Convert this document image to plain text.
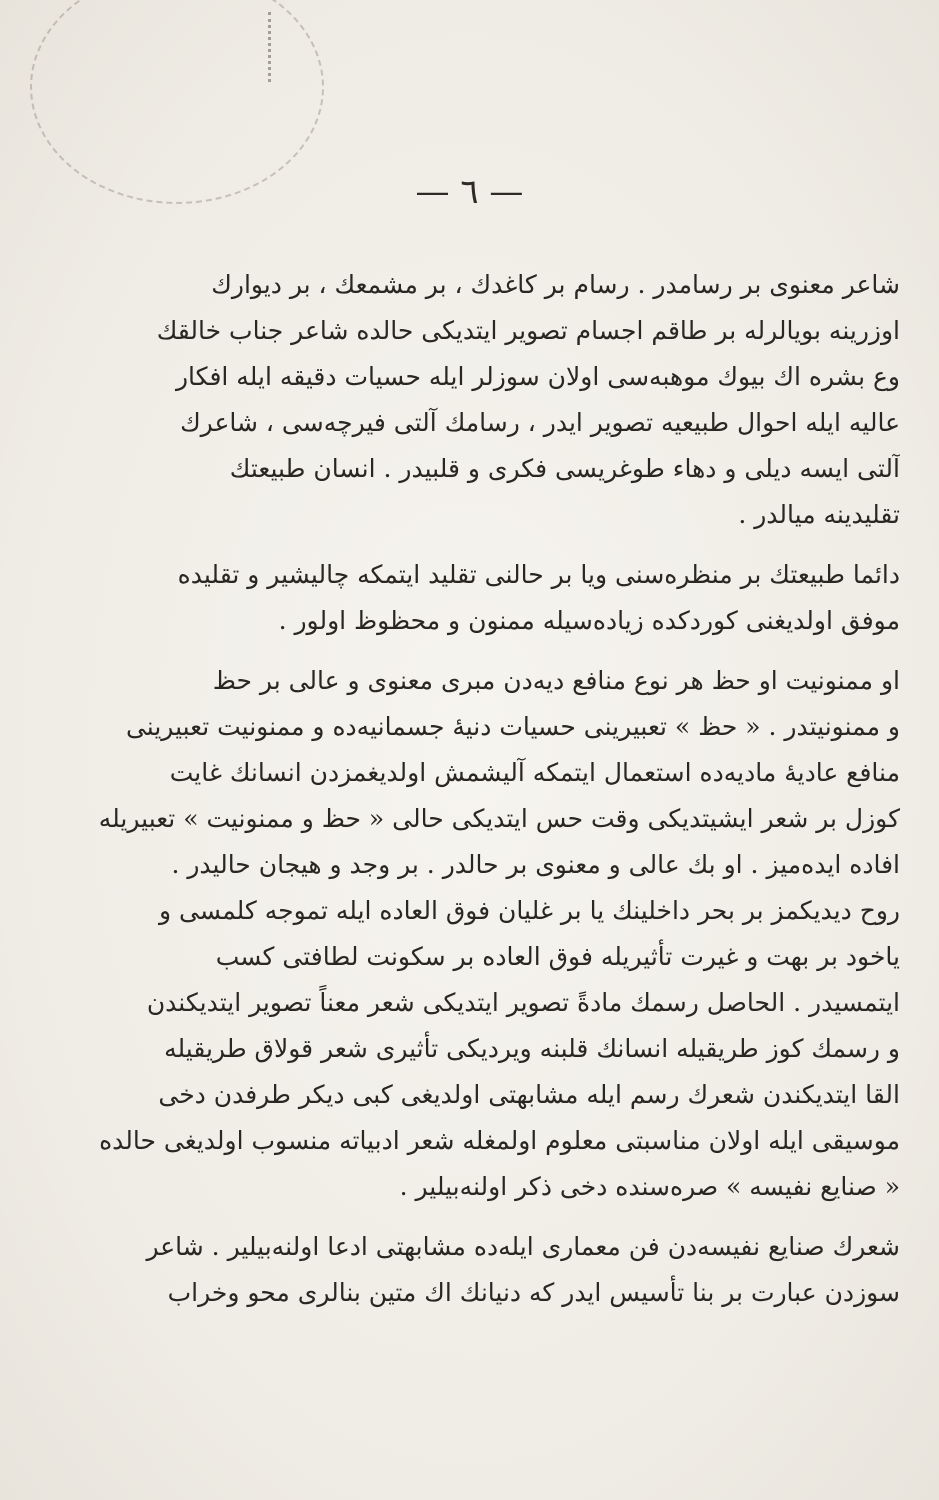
— ٦ —
شاعر معنوی بر رسامدر . رسام بر کاغدك ، بر مشمعك ، بر دیوارك
اوزرینه بویالرله بر طاقم اجسام تصویر ایتدیکی حالده شاعر جناب خالقك
وع بشره اك بیوك موهبه‌سی اولان سوزلر ایله حسیات دقیقه ایله افکار
عالیه ایله احوال طبیعیه تصویر ایدر ، رسامك آلتی فیرچه‌سی ، شاعرك
آلتی ایسه دیلی و دهاء طوغریسی فکری و قلبیدر . انسان طبیعتك
تقلیدینه میالدر .
دائما طبیعتك بر منظره‌سنی ویا بر حالنی تقلید ایتمکه چالیشیر و تقلیده
موفق اولدیغنی کوردکده زیاده‌سیله ممنون و محظوظ اولور .
او ممنونیت او حظ هر نوع منافع دیه‌دن مبری معنوی و عالی بر حظ
و ممنونیتدر . « حظ » تعبیرینی حسیات دنیهٔ جسمانیه‌ده و ممنونیت تعبیرینی
منافع عادیهٔ مادیه‌ده استعمال ایتمکه آلیشمش اولدیغمزدن انسانك غایت
کوزل بر شعر ایشیتدیکی وقت حس ایتدیکی حالی « حظ و ممنونیت » تعبیریله
افاده ایده‌میز . او بك عالی و معنوی بر حالدر . بر وجد و هیجان حالیدر .
روح دیدیکمز بر بحر داخلینك یا بر غلیان فوق العاده ایله تموجه کلمسی و
یاخود بر بهت و غیرت تأثیریله فوق العاده بر سکونت لطافتی کسب
ایتمسیدر . الحاصل رسمك مادةً تصویر ایتدیکی شعر معناً تصویر ایتدیکندن
و رسمك کوز طریقیله انسانك قلبنه ویردیکی تأثیری شعر قولاق طریقیله
القا ایتدیکندن شعرك رسم ایله مشابهتی اولدیغی کبی دیکر طرفدن دخی
موسیقی ایله اولان مناسبتی معلوم اولمغله شعر ادبیاته منسوب اولدیغی حالده
« صنایع نفیسه » صره‌سنده دخی ذکر اولنه‌بیلیر .
شعرك صنایع نفیسه‌دن فن معماری ایله‌ده مشابهتی ادعا اولنه‌بیلیر . شاعر
سوزدن عبارت بر بنا تأسیس ایدر که دنیانك اك متین بنالری محو وخراب
